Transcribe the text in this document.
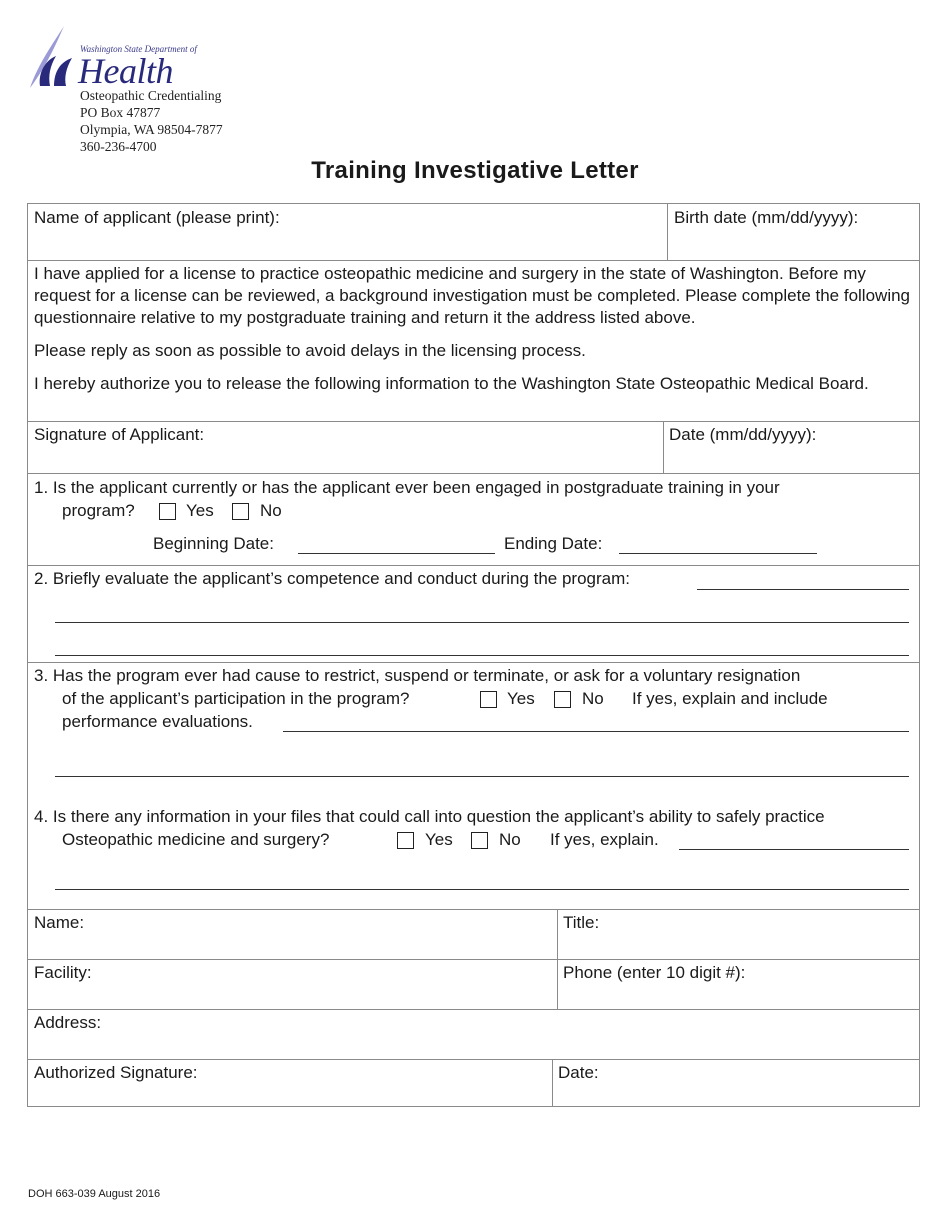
Washington State Department of
Health
Osteopathic Credentialing
PO Box 47877
Olympia, WA 98504-7877
360-236-4700
Training Investigative Letter
Name of applicant (please print):	Birth date (mm/dd/yyyy):

I have applied for a license to practice osteopathic medicine and surgery in the state of Washington. Before my request for a license can be reviewed, a background investigation must be completed. Please complete the following questionnaire relative to my postgraduate training and return it the address listed above.

Please reply as soon as possible to avoid delays in the licensing process.

I hereby authorize you to release the following information to the Washington State Osteopathic Medical Board.

Signature of Applicant:	Date (mm/dd/yyyy):
1. Is the applicant currently or has the applicant ever been engaged in postgraduate training in your
program?	Yes	No
Beginning Date:	Ending Date:
2. Briefly evaluate the applicant’s competence and conduct during the program:
3. Has the program ever had cause to restrict, suspend or terminate, or ask for a voluntary resignation
of the applicant’s participation in the program?	Yes	No If yes, explain and include
performance evaluations.
4. Is there any information in your files that could call into question the applicant’s ability to safely practice
Osteopathic medicine and surgery?	Yes	No If yes, explain.
Name:	Title:
Facility:	Phone (enter 10 digit #):
Address:
Authorized Signature:	Date:
DOH 663-039 August 2016
